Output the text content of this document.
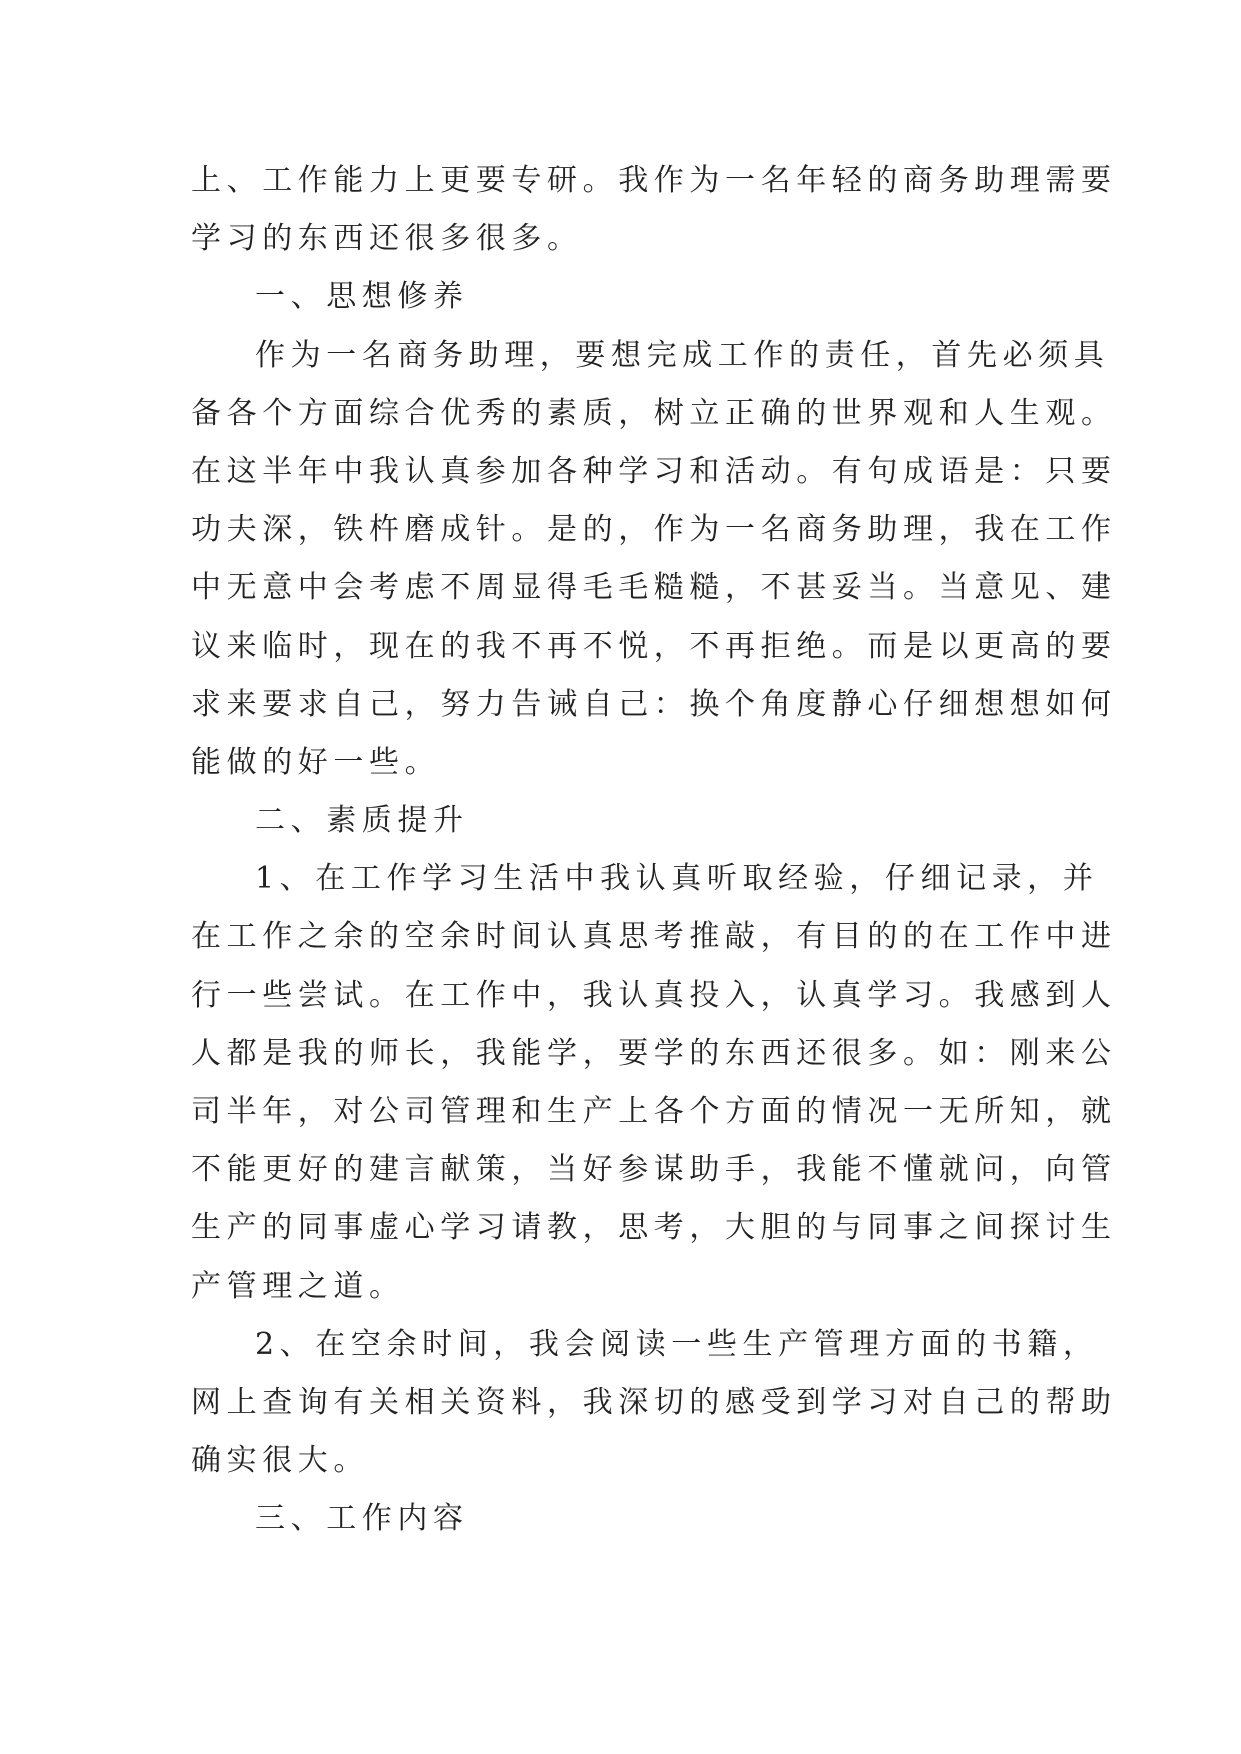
上、工作能力上更要专研。我作为一名年轻的商务助理需要
学习的东西还很多很多。
一、思想修养
作为一名商务助理，要想完成工作的责任，首先必须具
备各个方面综合优秀的素质，树立正确的世界观和人生观。
在这半年中我认真参加各种学习和活动。有句成语是：只要
功夫深，铁杵磨成针。是的，作为一名商务助理，我在工作
中无意中会考虑不周显得毛毛糙糙，不甚妥当。当意见、建
议来临时，现在的我不再不悦，不再拒绝。而是以更高的要
求来要求自己，努力告诫自己：换个角度静心仔细想想如何
能做的好一些。
二、素质提升
1、在工作学习生活中我认真听取经验，仔细记录，并
在工作之余的空余时间认真思考推敲，有目的的在工作中进
行一些尝试。在工作中，我认真投入，认真学习。我感到人
人都是我的师长，我能学，要学的东西还很多。如：刚来公
司半年，对公司管理和生产上各个方面的情况一无所知，就
不能更好的建言献策，当好参谋助手，我能不懂就问，向管
生产的同事虚心学习请教，思考，大胆的与同事之间探讨生
产管理之道。
2、在空余时间，我会阅读一些生产管理方面的书籍，
网上查询有关相关资料，我深切的感受到学习对自己的帮助
确实很大。
三、工作内容
